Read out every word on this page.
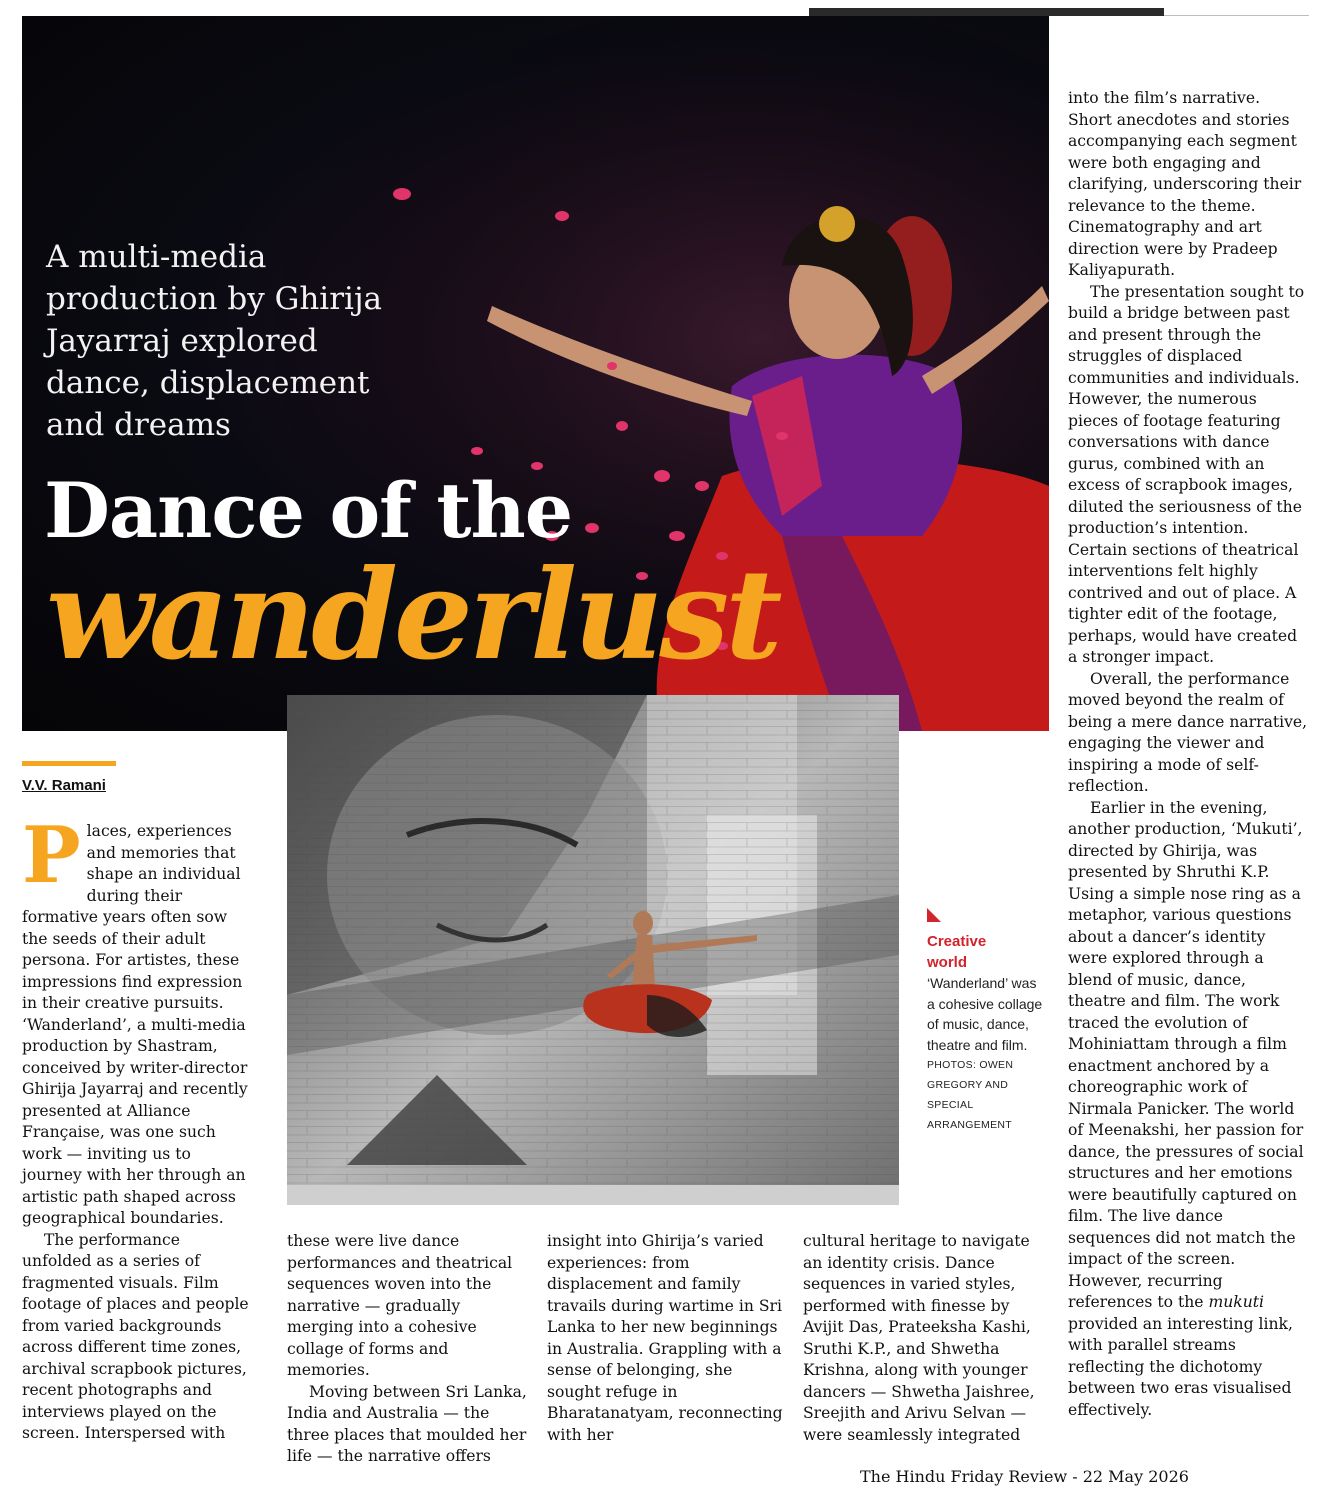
A multi-media production by Ghirija Jayarraj explored dance, displacement and dreams

Dance of the
wanderlust
V.V. Ramani

Places, experiences and memories that shape an individual during their formative years often sow the seeds of their adult persona. For artistes, these impressions find expression in their creative pursuits. ‘Wanderland’, a multi-media production by Shastram, conceived by writer-director Ghirija Jayarraj and recently presented at Alliance Française, was one such work — inviting us to journey with her through an artistic path shaped across geographical boundaries.

The performance unfolded as a series of fragmented visuals. Film footage of places and people from varied backgrounds across different time zones, archival scrapbook pictures, recent photographs and interviews played on the screen. Interspersed with

Creative
world
‘Wanderland’ was a cohesive collage of music, dance, theatre and film. PHOTOS: OWEN GREGORY AND SPECIAL ARRANGEMENT

these were live dance performances and theatrical sequences woven into the narrative — gradually merging into a cohesive collage of forms and memories.

Moving between Sri Lanka, India and Australia — the three places that moulded her life — the narrative offers

insight into Ghirija’s varied experiences: from displacement and family travails during wartime in Sri Lanka to her new beginnings in Australia. Grappling with a sense of belonging, she sought refuge in Bharatanatyam, reconnecting with her

cultural heritage to navigate an identity crisis. Dance sequences in varied styles, performed with finesse by Avijit Das, Prateeksha Kashi, Sruthi K.P., and Shwetha Krishna, along with younger dancers — Shwetha Jaishree, Sreejith and Arivu Selvan — were seamlessly integrated

into the film’s narrative. Short anecdotes and stories accompanying each segment were both engaging and clarifying, underscoring their relevance to the theme. Cinematography and art direction were by Pradeep Kaliyapurath.

The presentation sought to build a bridge between past and present through the struggles of displaced communities and individuals. However, the numerous pieces of footage featuring conversations with dance gurus, combined with an excess of scrapbook images, diluted the seriousness of the production’s intention. Certain sections of theatrical interventions felt highly contrived and out of place. A tighter edit of the footage, perhaps, would have created a stronger impact.

Overall, the performance moved beyond the realm of being a mere dance narrative, engaging the viewer and inspiring a mode of self-reflection.

Earlier in the evening, another production, ‘Mukuti’, directed by Ghirija, was presented by Shruthi K.P. Using a simple nose ring as a metaphor, various questions about a dancer’s identity were explored through a blend of music, dance, theatre and film. The work traced the evolution of Mohiniattam through a film enactment anchored by a choreographic work of Nirmala Panicker. The world of Meenakshi, her passion for dance, the pressures of social structures and her emotions were beautifully captured on film. The live dance sequences did not match the impact of the screen. However, recurring references to the mukuti provided an interesting link, with parallel streams reflecting the dichotomy between two eras visualised effectively.

The Hindu Friday Review - 22 May 2026
